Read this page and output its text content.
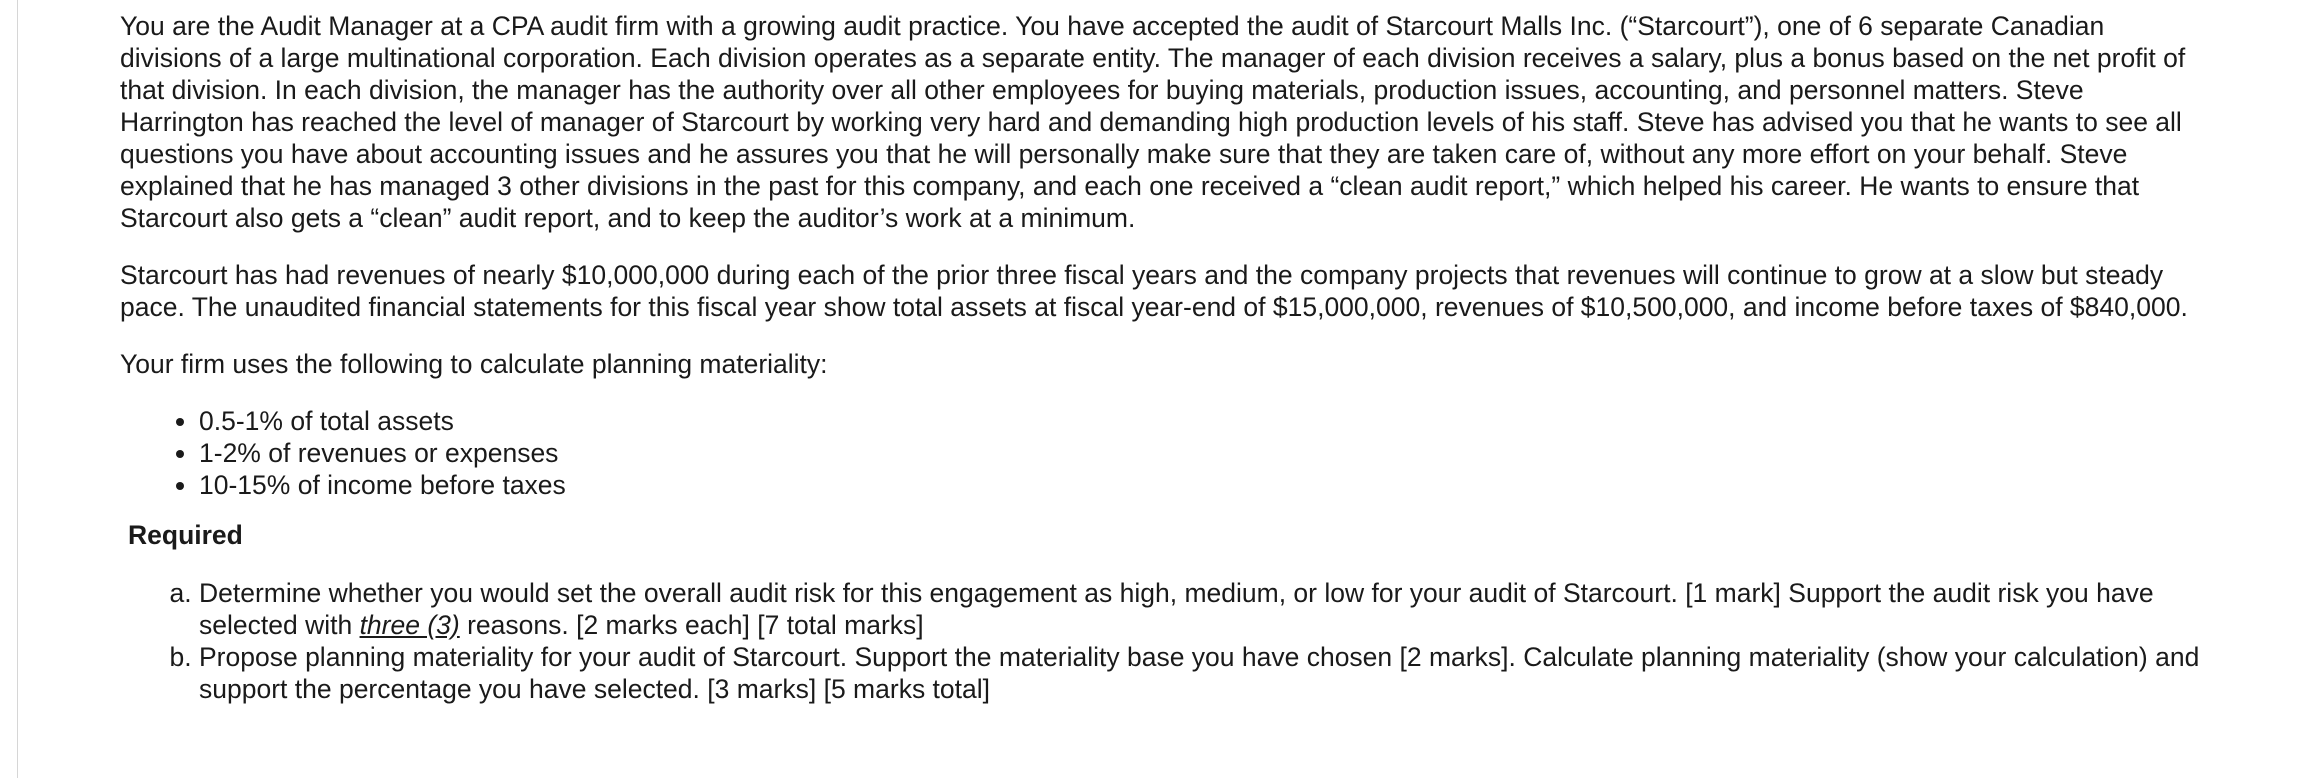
You are the Audit Manager at a CPA audit firm with a growing audit practice. You have accepted the audit of Starcourt Malls Inc. (“Starcourt”), one of 6 separate Canadian divisions of a large multinational corporation. Each division operates as a separate entity. The manager of each division receives a salary, plus a bonus based on the net profit of that division. In each division, the manager has the authority over all other employees for buying materials, production issues, accounting, and personnel matters. Steve Harrington has reached the level of manager of Starcourt by working very hard and demanding high production levels of his staff. Steve has advised you that he wants to see all questions you have about accounting issues and he assures you that he will personally make sure that they are taken care of, without any more effort on your behalf. Steve explained that he has managed 3 other divisions in the past for this company, and each one received a “clean audit report,” which helped his career. He wants to ensure that Starcourt also gets a “clean” audit report, and to keep the auditor’s work at a minimum.

Starcourt has had revenues of nearly $10,000,000 during each of the prior three fiscal years and the company projects that revenues will continue to grow at a slow but steady pace. The unaudited financial statements for this fiscal year show total assets at fiscal year-end of $15,000,000, revenues of $10,500,000, and income before taxes of $840,000.

Your firm uses the following to calculate planning materiality:

• 0.5-1% of total assets
• 1-2% of revenues or expenses
• 10-15% of income before taxes
Required
a. Determine whether you would set the overall audit risk for this engagement as high, medium, or low for your audit of Starcourt. [1 mark] Support the audit risk you have selected with three (3) reasons. [2 marks each] [7 total marks]
b. Propose planning materiality for your audit of Starcourt. Support the materiality base you have chosen [2 marks]. Calculate planning materiality (show your calculation) and support the percentage you have selected. [3 marks] [5 marks total]
